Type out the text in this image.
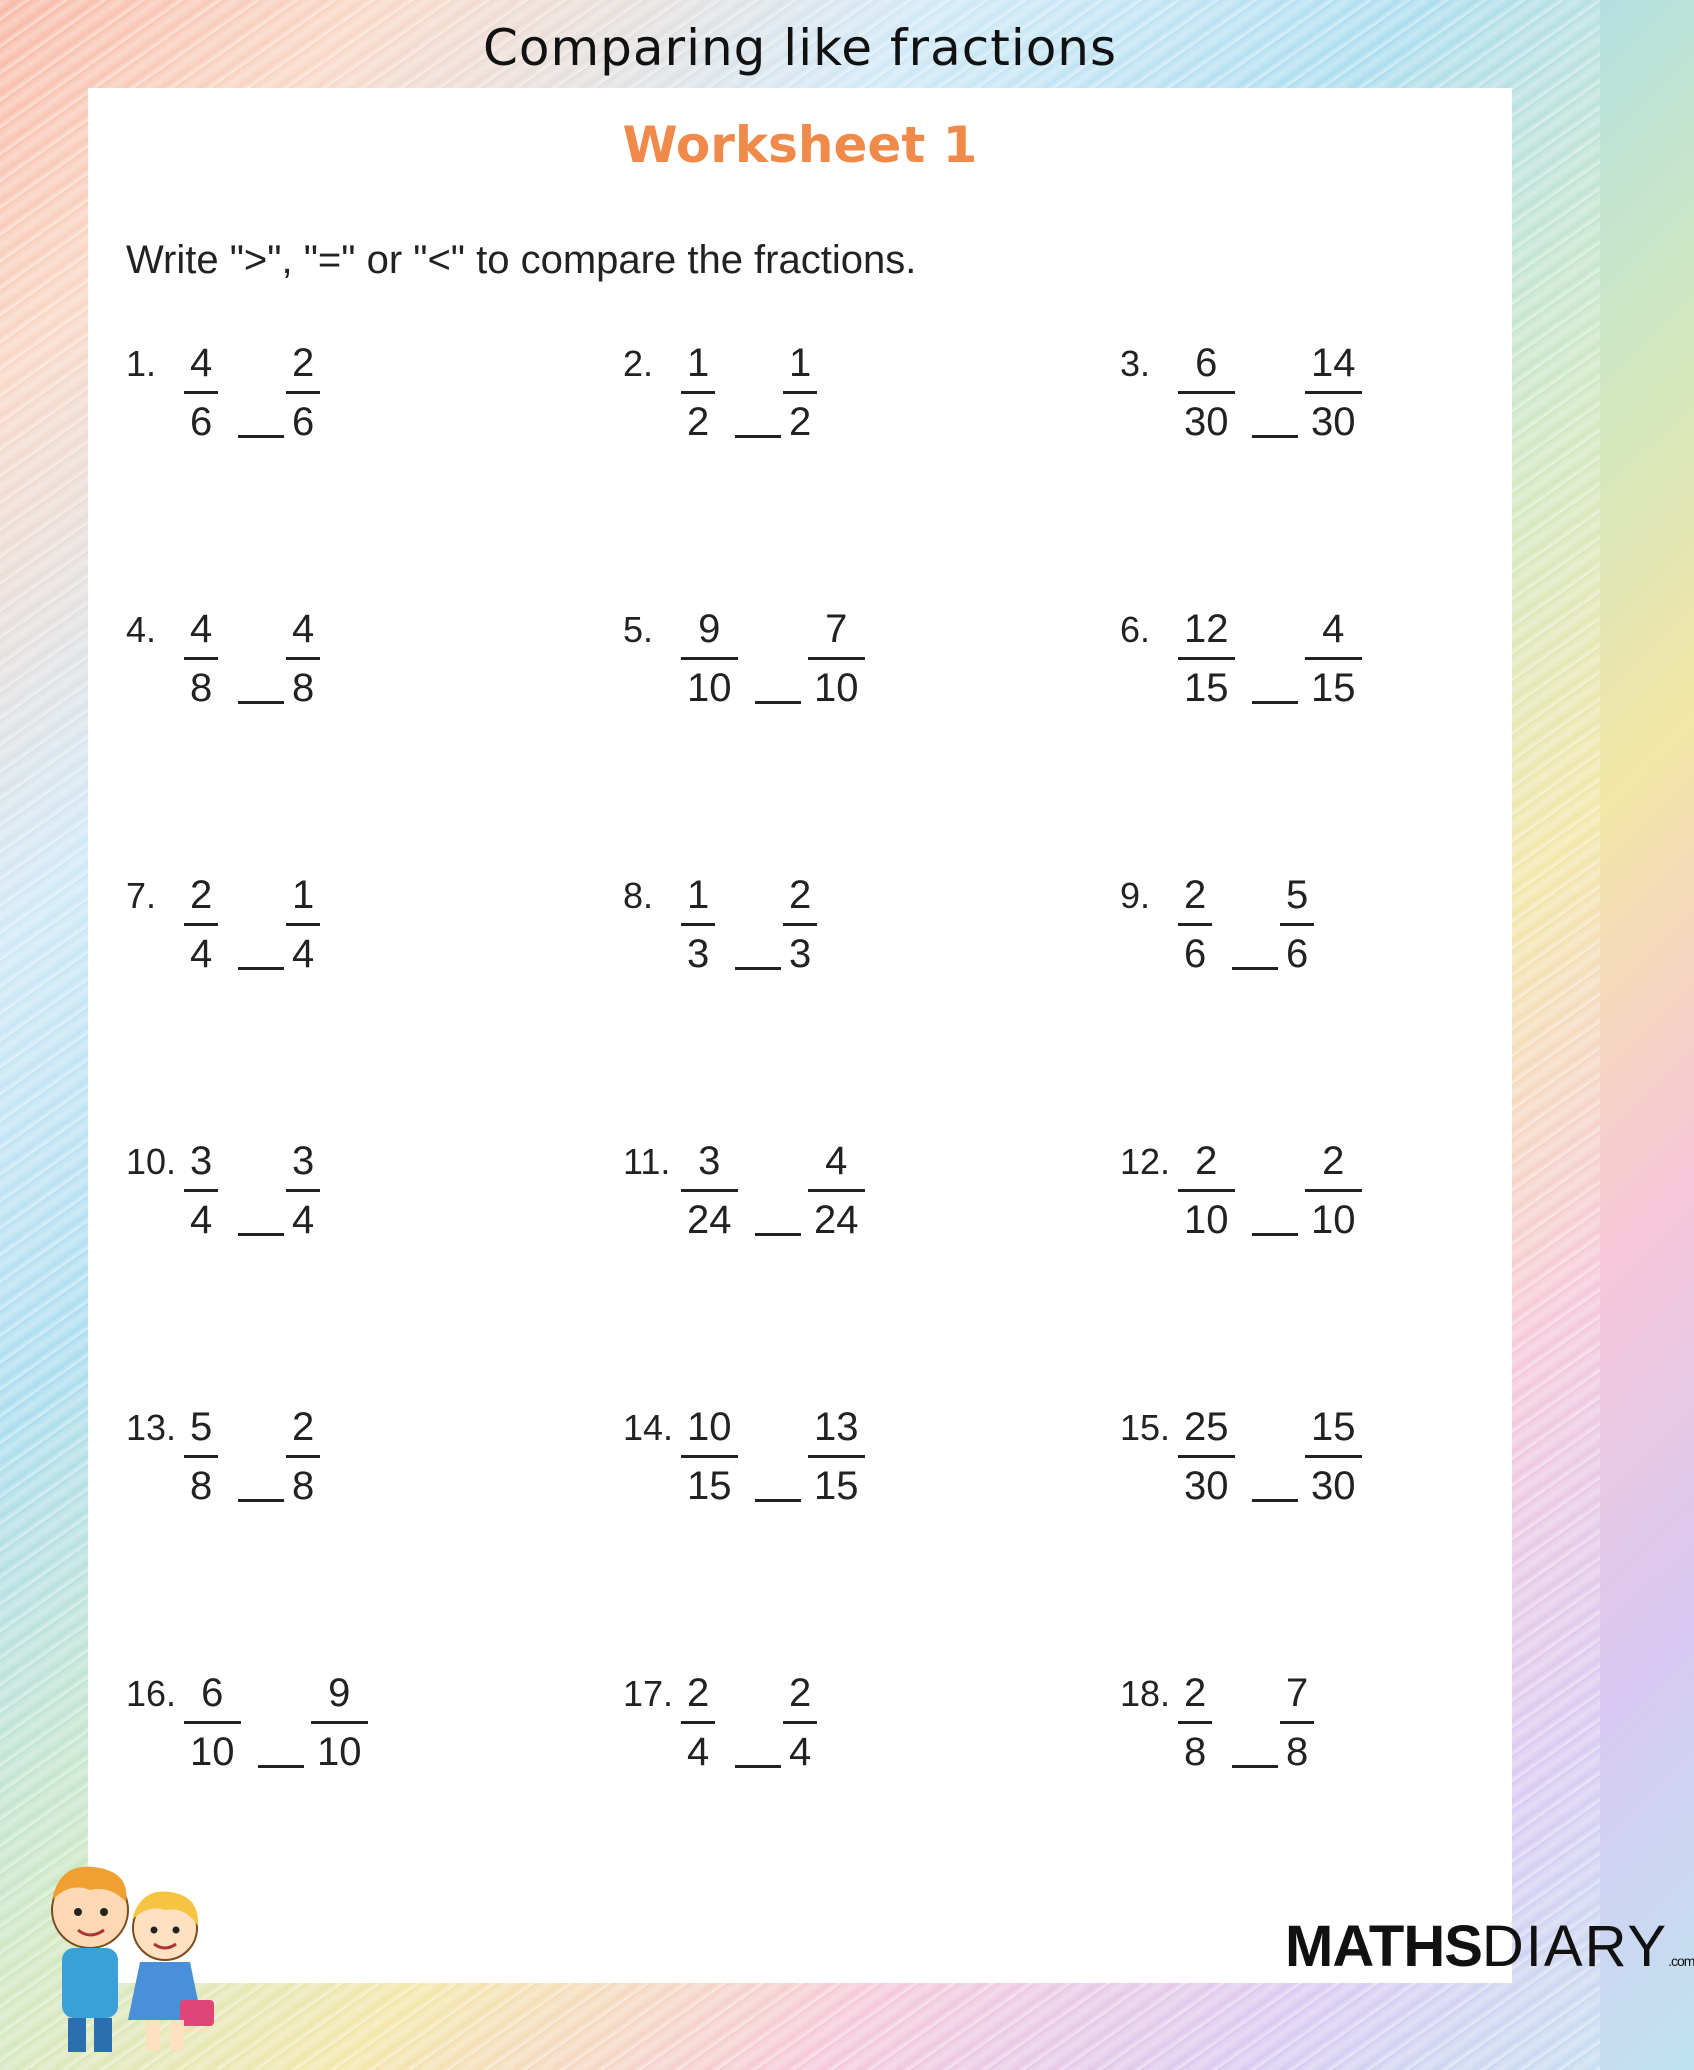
Comparing like fractions
Worksheet 1
Write ">", "=" or "<" to compare the fractions.
1. 4
6
2
6
2. 1
2
1
2
3. 6
30
14
30
4. 4
8
4
8
5. 9
10
7
10
6. 12
15
4
15
7. 2
4
1
4
8. 1
3
2
3
9. 2
6
5
6
10. 3
4
3
4
11. 3
24
4
24
12. 2
10
2
10
13. 5
8
2
8
14. 10
15
13
15
15. 25
30
15
30
16. 6
10
9
10
17. 2
4
2
4
18. 2
8
7
8
MATHSDIARY.com
